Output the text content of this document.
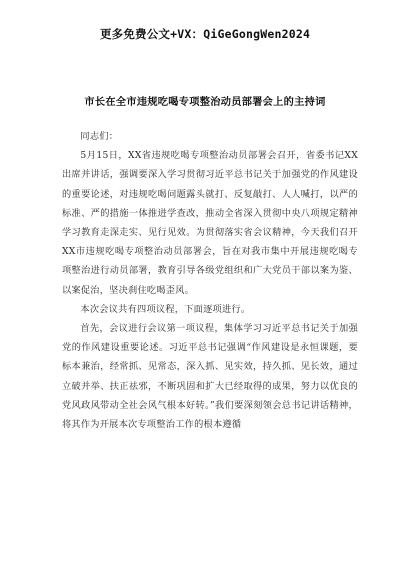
更多免费公文+VX：QiGeGongWen2024
市长在全市违规吃喝专项整治动员部署会上的主持词

同志们：

5月15日，XX省违规吃喝专项整治动员部署会召开，省委书记XX出席并讲话，强调要深入学习贯彻习近平总书记关于加强党的作风建设的重要论述，对违规吃喝问题露头就打、反复敲打、人人喊打，以严的标准、严的措施一体推进学查改，推动全省深入贯彻中央八项规定精神学习教育走深走实、见行见效。为贯彻落实省会议精神，今天我们召开XX市违规吃喝专项整治动员部署会，旨在对我市集中开展违规吃喝专项整治进行动员部署，教育引导各级党组织和广大党员干部以案为鉴、以案促治，坚决刹住吃喝歪风。

本次会议共有四项议程，下面逐项进行。

首先，会议进行会议第一项议程，集体学习习近平总书记关于加强党的作风建设重要论述。习近平总书记强调“作风建设是永恒课题，要标本兼治，经常抓、见常态，深入抓、见实效，持久抓、见长效，通过立破并举、扶正祛邪，不断巩固和扩大已经取得的成果，努力以优良的党风政风带动全社会风气根本好转。”我们要深刻领会总书记讲话精神，将其作为开展本次专项整治工作的根本遵循
